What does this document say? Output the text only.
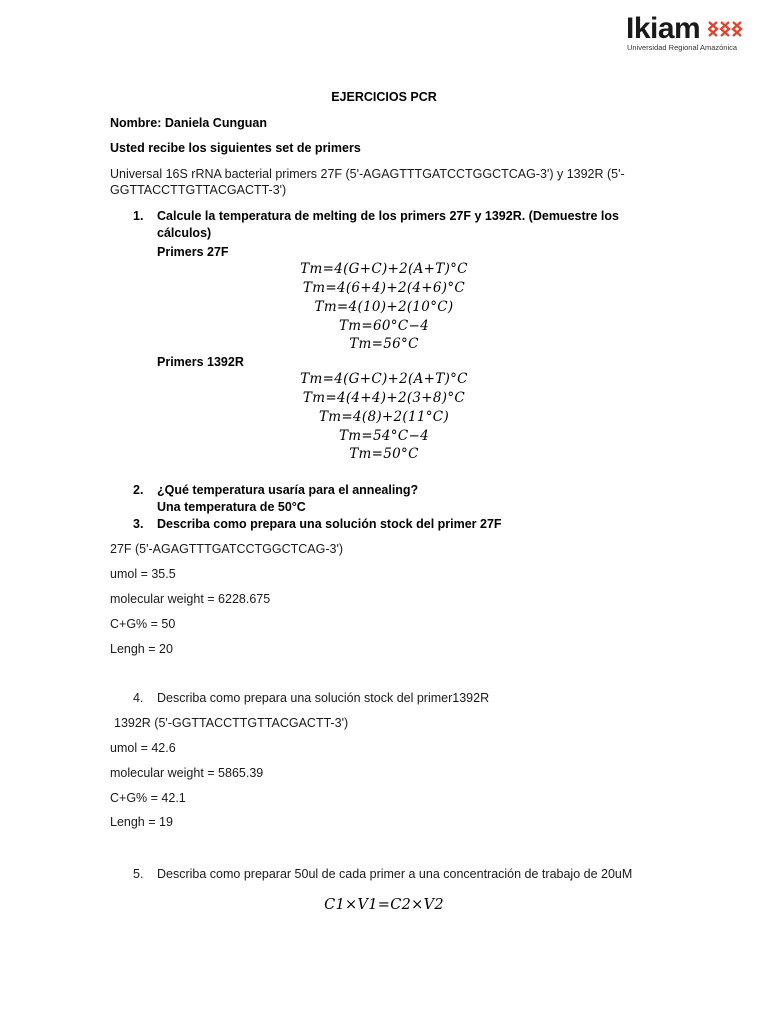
Ikiam
Universidad Regional Amazónica
EJERCICIOS PCR
Nombre: Daniela Cunguan
Usted recibe los siguientes set de primers
Universal 16S rRNA bacterial primers 27F (5'-AGAGTTTGATCCTGGCTCAG-3') y 1392R (5'-
GGTTACCTTGTTACGACTT-3')
1. Calcule la temperatura de melting de los primers 27F y 1392R. (Demuestre los
cálculos)
Primers 27F
Tm=4(G+C)+2(A+T)°C
Tm=4(6+4)+2(4+6)°C
Tm=4(10)+2(10°C)
Tm=60°C−4
Tm=56°C
Primers 1392R
Tm=4(G+C)+2(A+T)°C
Tm=4(4+4)+2(3+8)°C
Tm=4(8)+2(11°C)
Tm=54°C−4
Tm=50°C
2. ¿Qué temperatura usaría para el annealing?
Una temperatura de 50°C
3. Describa como prepara una solución stock del primer 27F
27F (5'-AGAGTTTGATCCTGGCTCAG-3')
umol = 35.5
molecular weight = 6228.675
C+G% = 50
Lengh = 20
4. Describa como prepara una solución stock del primer1392R
1392R (5'-GGTTACCTTGTTACGACTT-3')
umol = 42.6
molecular weight = 5865.39
C+G% = 42.1
Lengh = 19
5. Describa como preparar 50ul de cada primer a una concentración de trabajo de 20uM
C1×V1=C2×V2
